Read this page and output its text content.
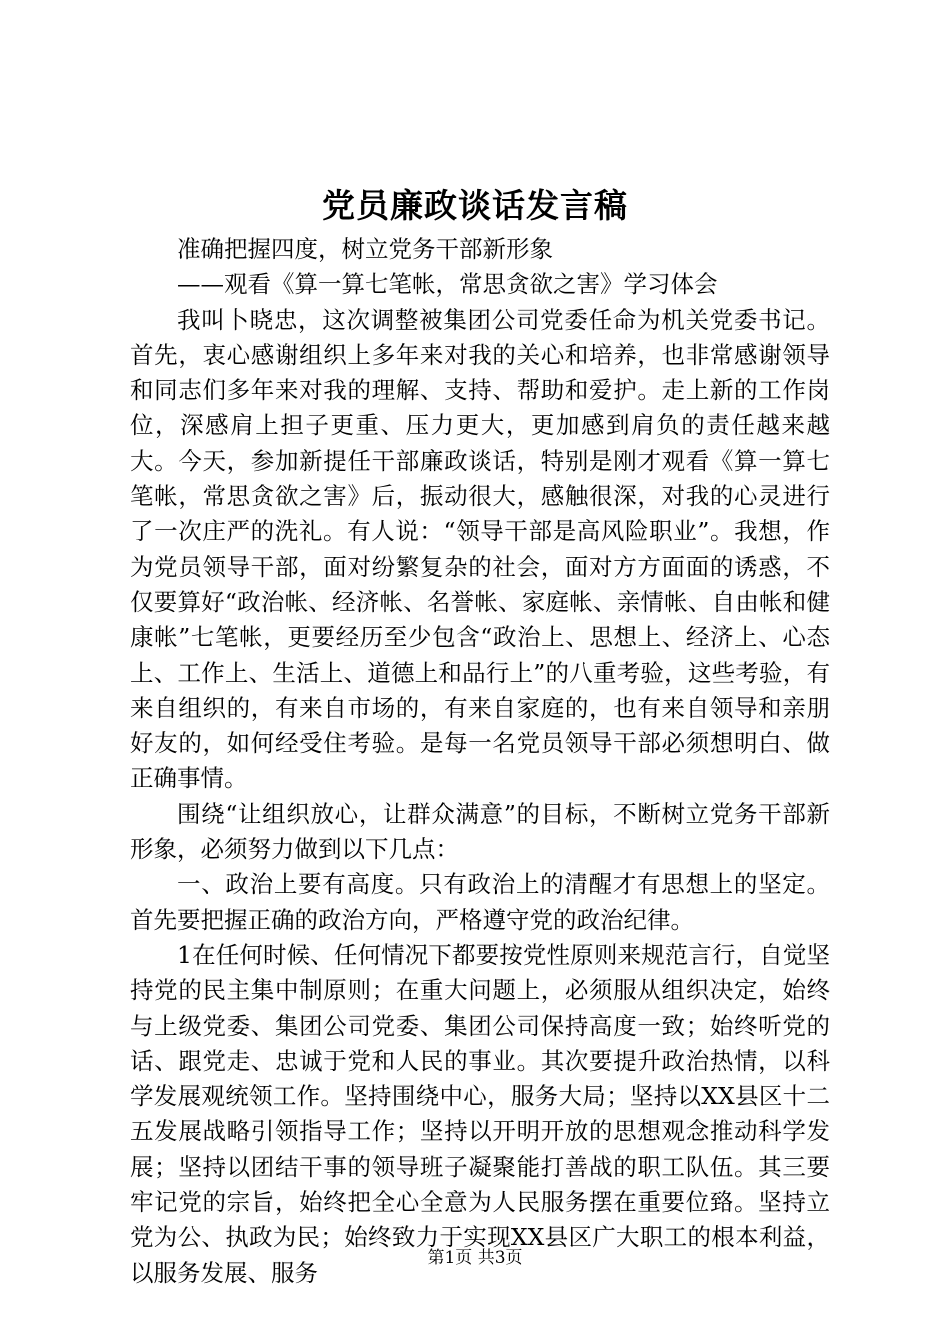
党员廉政谈话发言稿

准确把握四度，树立党务干部新形象

——观看《算一算七笔帐，常思贪欲之害》学习体会

我叫卜晓忠，这次调整被集团公司党委任命为机关党委书记。首先，衷心感谢组织上多年来对我的关心和培养，也非常感谢领导和同志们多年来对我的理解、支持、帮助和爱护。走上新的工作岗位，深感肩上担子更重、压力更大，更加感到肩负的责任越来越大。今天，参加新提任干部廉政谈话，特别是刚才观看《算一算七笔帐，常思贪欲之害》后，振动很大，感触很深，对我的心灵进行了一次庄严的洗礼。有人说：“领导干部是高风险职业”。我想，作为党员领导干部，面对纷繁复杂的社会，面对方方面面的诱惑，不仅要算好“政治帐、经济帐、名誉帐、家庭帐、亲情帐、自由帐和健康帐”七笔帐，更要经历至少包含“政治上、思想上、经济上、心态上、工作上、生活上、道德上和品行上”的八重考验，这些考验，有来自组织的，有来自市场的，有来自家庭的，也有来自领导和亲朋好友的，如何经受住考验。是每一名党员领导干部必须想明白、做正确事情。

围绕“让组织放心，让群众满意”的目标，不断树立党务干部新形象，必须努力做到以下几点：

一、政治上要有高度。只有政治上的清醒才有思想上的坚定。首先要把握正确的政治方向，严格遵守党的政治纪律。

1在任何时候、任何情况下都要按党性原则来规范言行，自觉坚持党的民主集中制原则；在重大问题上，必须服从组织决定，始终与上级党委、集团公司党委、集团公司保持高度一致；始终听党的话、跟党走、忠诚于党和人民的事业。其次要提升政治热情，以科学发展观统领工作。坚持围绕中心，服务大局；坚持以XX县区十二五发展战略引领指导工作；坚持以开明开放的思想观念推动科学发展；坚持以团结干事的领导班子凝聚能打善战的职工队伍。其三要牢记党的宗旨，始终把全心全意为人民服务摆在重要位臵。坚持立党为公、执政为民；始终致力于实现XX县区广大职工的根本利益，以服务发展、服务

第1页 共3页
